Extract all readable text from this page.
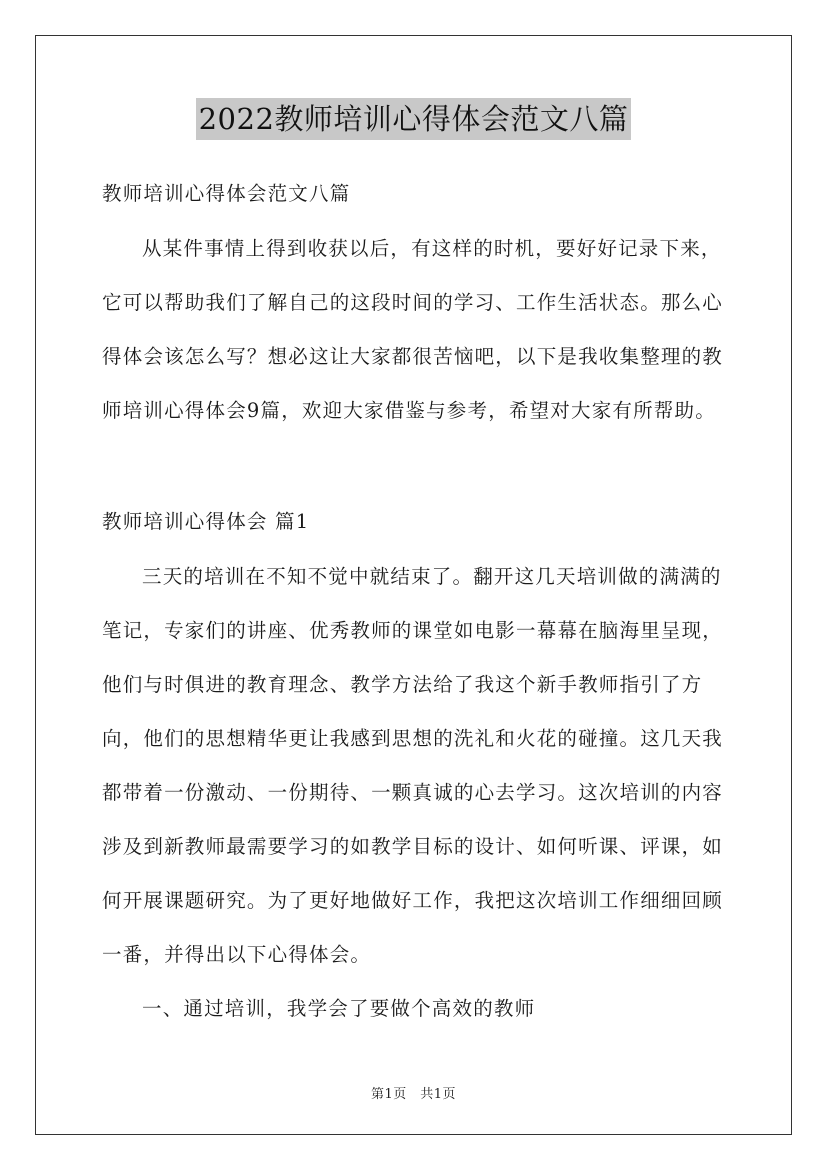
2022教师培训心得体会范文八篇

教师培训心得体会范文八篇

从某件事情上得到收获以后，有这样的时机，要好好记录下来，它可以帮助我们了解自己的这段时间的学习、工作生活状态。那么心得体会该怎么写？想必这让大家都很苦恼吧，以下是我收集整理的教师培训心得体会9篇，欢迎大家借鉴与参考，希望对大家有所帮助。

教师培训心得体会 篇1

三天的培训在不知不觉中就结束了。翻开这几天培训做的满满的笔记，专家们的讲座、优秀教师的课堂如电影一幕幕在脑海里呈现，他们与时俱进的教育理念、教学方法给了我这个新手教师指引了方向，他们的思想精华更让我感到思想的洗礼和火花的碰撞。这几天我都带着一份激动、一份期待、一颗真诚的心去学习。这次培训的内容涉及到新教师最需要学习的如教学目标的设计、如何听课、评课，如何开展课题研究。为了更好地做好工作，我把这次培训工作细细回顾一番，并得出以下心得体会。

一、通过培训，我学会了要做个高效的教师

第1页　共1页
